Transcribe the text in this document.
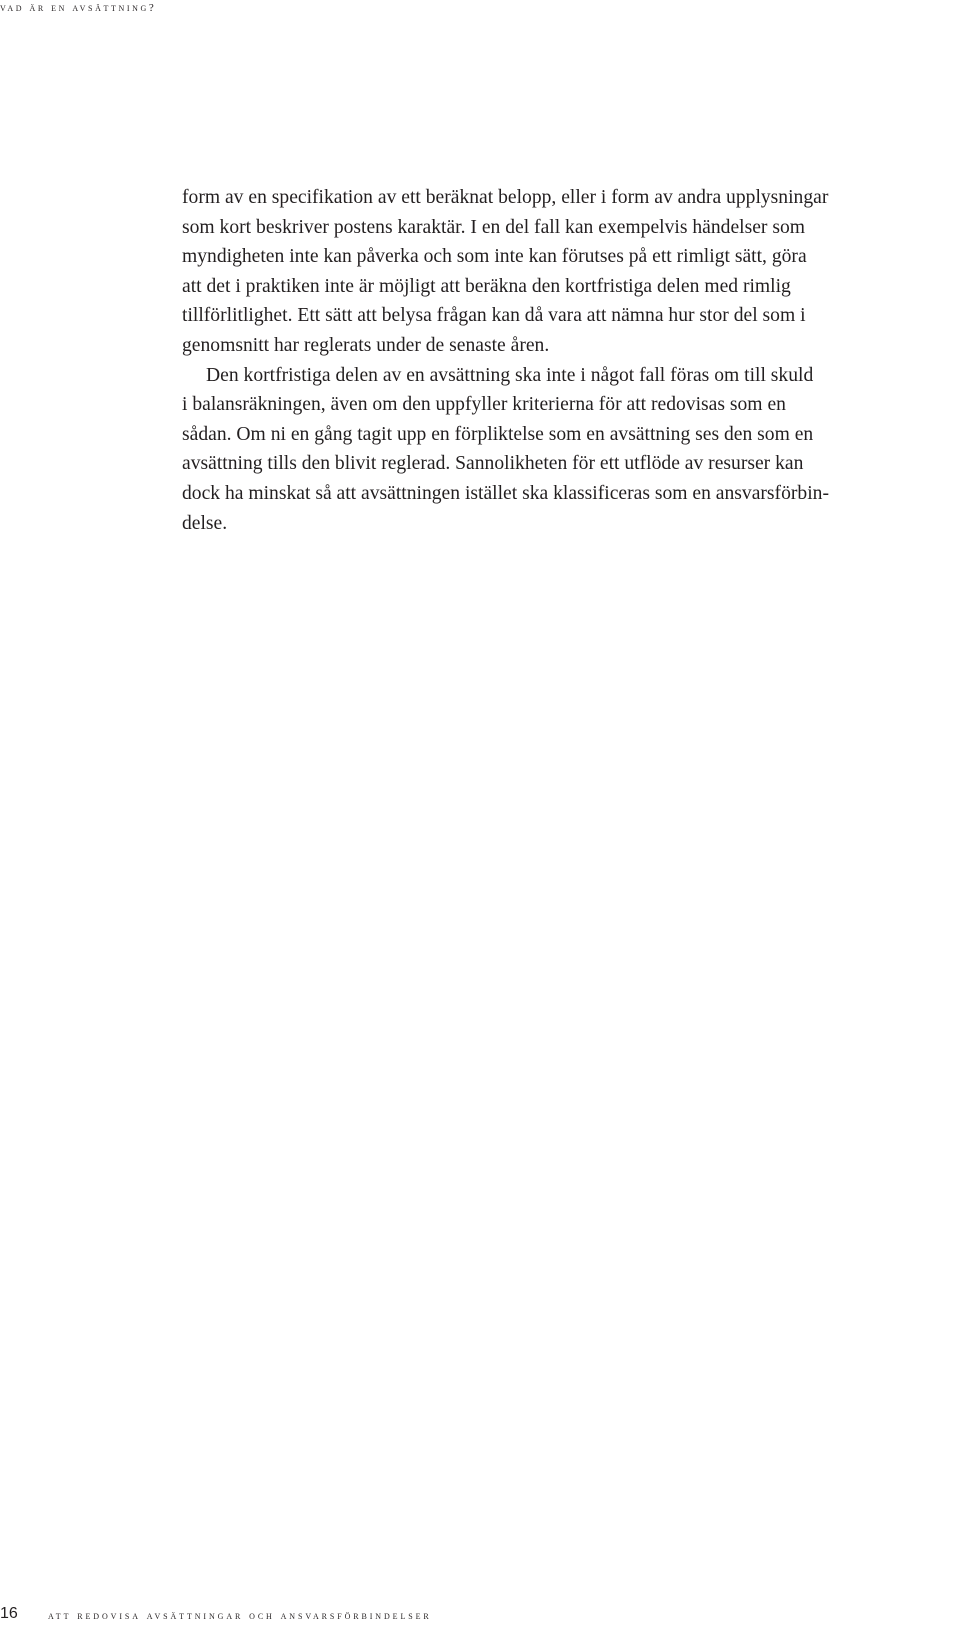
vad är en avsättning?

form av en specifikation av ett beräknat belopp, eller i form av andra upplysningar
som kort beskriver postens karaktär. I en del fall kan exempelvis händelser som
myndigheten inte kan påverka och som inte kan förutses på ett rimligt sätt, göra
att det i praktiken inte är möjligt att beräkna den kortfristiga delen med rimlig
tillförlitlighet. Ett sätt att belysa frågan kan då vara att nämna hur stor del som i
genomsnitt har reglerats under de senaste åren.

Den kortfristiga delen av en avsättning ska inte i något fall föras om till skuld
i balansräkningen, även om den uppfyller kriterierna för att redovisas som en
sådan. Om ni en gång tagit upp en förpliktelse som en avsättning ses den som en
avsättning tills den blivit reglerad. Sannolikheten för ett utflöde av resurser kan
dock ha minskat så att avsättningen istället ska klassificeras som en ansvarsförbin-
delse.

16	att redovisa avsättningar och ansvarsförbindelser
